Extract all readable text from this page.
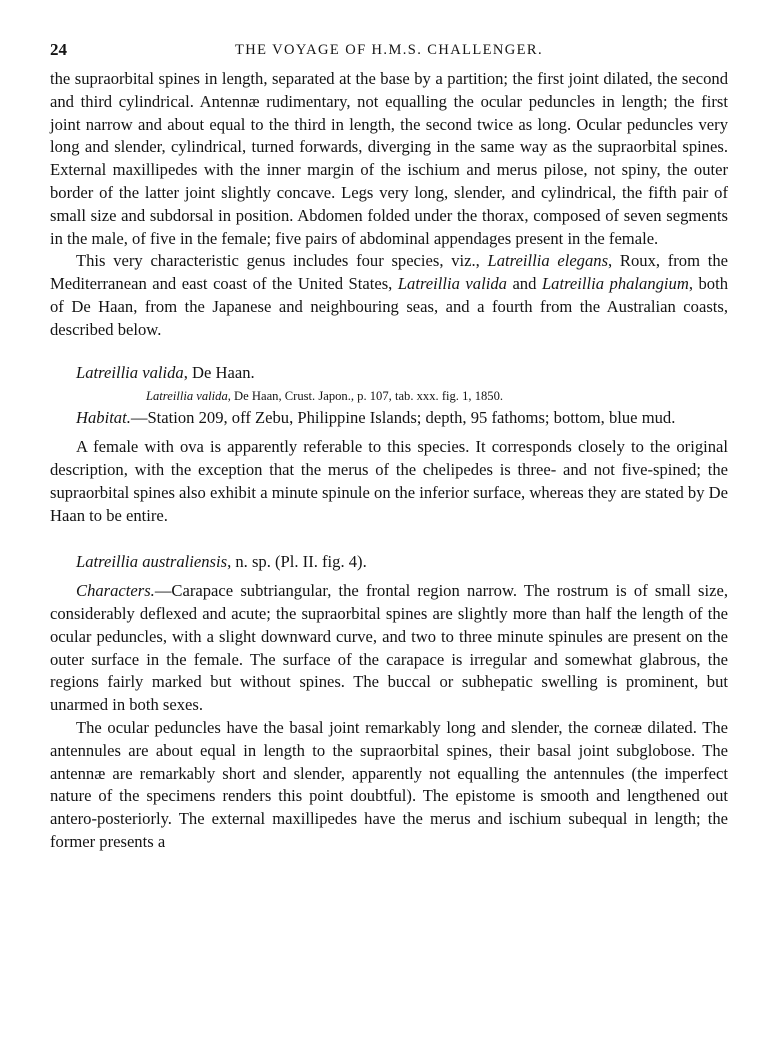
24	THE VOYAGE OF H.M.S. CHALLENGER.

the supraorbital spines in length, separated at the base by a partition; the first joint dilated, the second and third cylindrical. Antennæ rudimentary, not equalling the ocular peduncles in length; the first joint narrow and about equal to the third in length, the second twice as long. Ocular peduncles very long and slender, cylindrical, turned forwards, diverging in the same way as the supraorbital spines. External maxillipedes with the inner margin of the ischium and merus pilose, not spiny, the outer border of the latter joint slightly concave. Legs very long, slender, and cylindrical, the fifth pair of small size and subdorsal in position. Abdomen folded under the thorax, composed of seven segments in the male, of five in the female; five pairs of abdominal appendages present in the female.

This very characteristic genus includes four species, viz., Latreillia elegans, Roux, from the Mediterranean and east coast of the United States, Latreillia valida and Latreillia phalangium, both of De Haan, from the Japanese and neighbouring seas, and a fourth from the Australian coasts, described below.

Latreillia valida, De Haan.
Latreillia valida, De Haan, Crust. Japon., p. 107, tab. xxx. fig. 1, 1850.

Habitat.—Station 209, off Zebu, Philippine Islands; depth, 95 fathoms; bottom, blue mud.

A female with ova is apparently referable to this species. It corresponds closely to the original description, with the exception that the merus of the chelipedes is three- and not five-spined; the supraorbital spines also exhibit a minute spinule on the inferior surface, whereas they are stated by De Haan to be entire.

Latreillia australiensis, n. sp. (Pl. II. fig. 4).

Characters.—Carapace subtriangular, the frontal region narrow. The rostrum is of small size, considerably deflexed and acute; the supraorbital spines are slightly more than half the length of the ocular peduncles, with a slight downward curve, and two to three minute spinules are present on the outer surface in the female. The surface of the carapace is irregular and somewhat glabrous, the regions fairly marked but without spines. The buccal or subhepatic swelling is prominent, but unarmed in both sexes.

The ocular peduncles have the basal joint remarkably long and slender, the corneæ dilated. The antennules are about equal in length to the supraorbital spines, their basal joint subglobose. The antennæ are remarkably short and slender, apparently not equalling the antennules (the imperfect nature of the specimens renders this point doubtful). The epistome is smooth and lengthened out antero-posteriorly. The external maxillipedes have the merus and ischium subequal in length; the former presents a
